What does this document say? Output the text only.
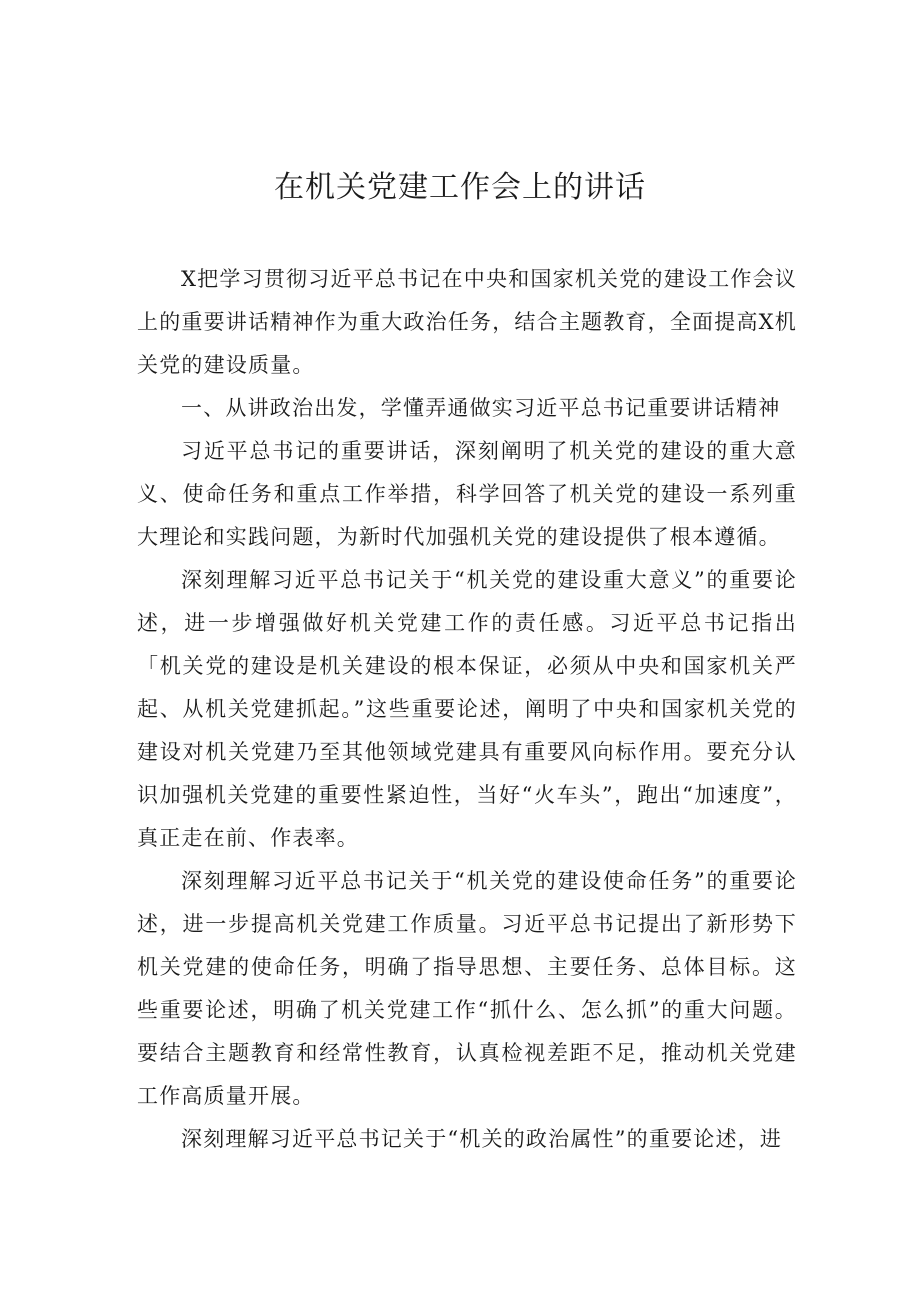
在机关党建工作会上的讲话

X把学习贯彻习近平总书记在中央和国家机关党的建设工作会议上的重要讲话精神作为重大政治任务，结合主题教育，全面提高X机关党的建设质量。

一、从讲政治出发，学懂弄通做实习近平总书记重要讲话精神

习近平总书记的重要讲话，深刻阐明了机关党的建设的重大意义、使命任务和重点工作举措，科学回答了机关党的建设一系列重大理论和实践问题，为新时代加强机关党的建设提供了根本遵循。

深刻理解习近平总书记关于“机关党的建设重大意义”的重要论述，进一步增强做好机关党建工作的责任感。习近平总书记指出「机关党的建设是机关建设的根本保证，必须从中央和国家机关严起、从机关党建抓起。”这些重要论述，阐明了中央和国家机关党的建设对机关党建乃至其他领域党建具有重要风向标作用。要充分认识加强机关党建的重要性紧迫性，当好“火车头”，跑出“加速度”，真正走在前、作表率。

深刻理解习近平总书记关于“机关党的建设使命任务”的重要论述，进一步提高机关党建工作质量。习近平总书记提出了新形势下机关党建的使命任务，明确了指导思想、主要任务、总体目标。这些重要论述，明确了机关党建工作“抓什么、怎么抓”的重大问题。要结合主题教育和经常性教育，认真检视差距不足，推动机关党建工作高质量开展。

深刻理解习近平总书记关于“机关的政治属性”的重要论述，进
